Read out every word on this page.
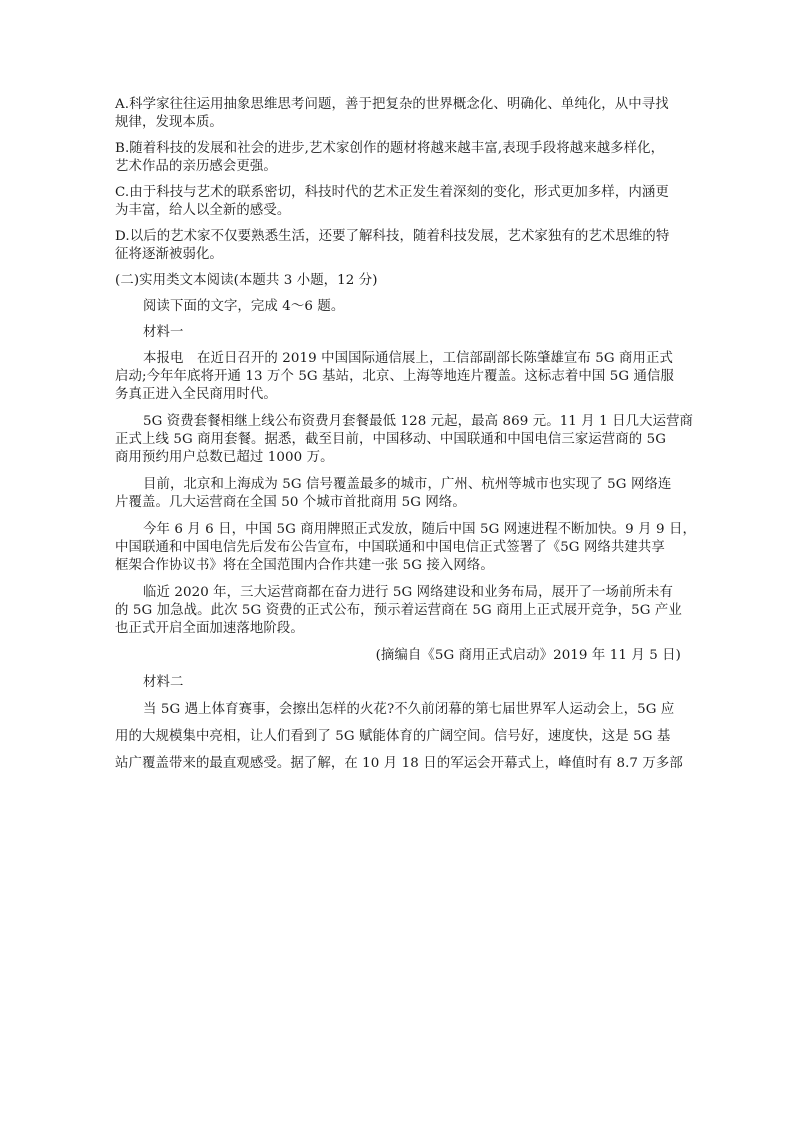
A.科学家往往运用抽象思维思考问题，善于把复杂的世界概念化、明确化、单纯化，从中寻找

规律，发现本质。

B.随着科技的发展和社会的进步,艺术家创作的题材将越来越丰富,表现手段将越来越多样化，

艺术作品的亲历感会更强。

C.由于科技与艺术的联系密切，科技时代的艺术正发生着深刻的变化，形式更加多样，内涵更

为丰富，给人以全新的感受。

D.以后的艺术家不仅要熟悉生活，还要了解科技，随着科技发展，艺术家独有的艺术思维的特

征将逐渐被弱化。

(二)实用类文本阅读(本题共 3 小题，12 分)

阅读下面的文字，完成 4～6 题。

材料一

本报电　在近日召开的 2019 中国国际通信展上，工信部副部长陈肇雄宣布 5G 商用正式

启动;今年年底将开通 13 万个 5G 基站，北京、上海等地连片覆盖。这标志着中国 5G 通信服

务真正进入全民商用时代。

5G 资费套餐相继上线公布资费月套餐最低 128 元起，最高 869 元。11 月 1 日几大运营商

正式上线 5G 商用套餐。据悉，截至目前，中国移动、中国联通和中国电信三家运营商的 5G

商用预约用户总数已超过 1000 万。

目前，北京和上海成为 5G 信号覆盖最多的城市，广州、杭州等城市也实现了 5G 网络连

片覆盖。几大运营商在全国 50 个城市首批商用 5G 网络。

今年 6 月 6 日，中国 5G 商用牌照正式发放，随后中国 5G 网速进程不断加快。9 月 9 日，

中国联通和中国电信先后发布公告宣布，中国联通和中国电信正式签署了《5G 网络共建共享

框架合作协议书》将在全国范围内合作共建一张 5G 接入网络。

临近 2020 年，三大运营商都在奋力进行 5G 网络建设和业务布局，展开了一场前所未有

的 5G 加急战。此次 5G 资费的正式公布，预示着运营商在 5G 商用上正式展开竞争，5G 产业

也正式开启全面加速落地阶段。

(摘编自《5G 商用正式启动》2019 年 11 月 5 日)

材料二

当 5G 遇上体育赛事，会擦出怎样的火花?不久前闭幕的第七届世界军人运动会上，5G 应

用的大规模集中亮相，让人们看到了 5G 赋能体育的广阔空间。信号好，速度快，这是 5G 基

站广覆盖带来的最直观感受。据了解，在 10 月 18 日的军运会开幕式上，峰值时有 8.7 万多部
